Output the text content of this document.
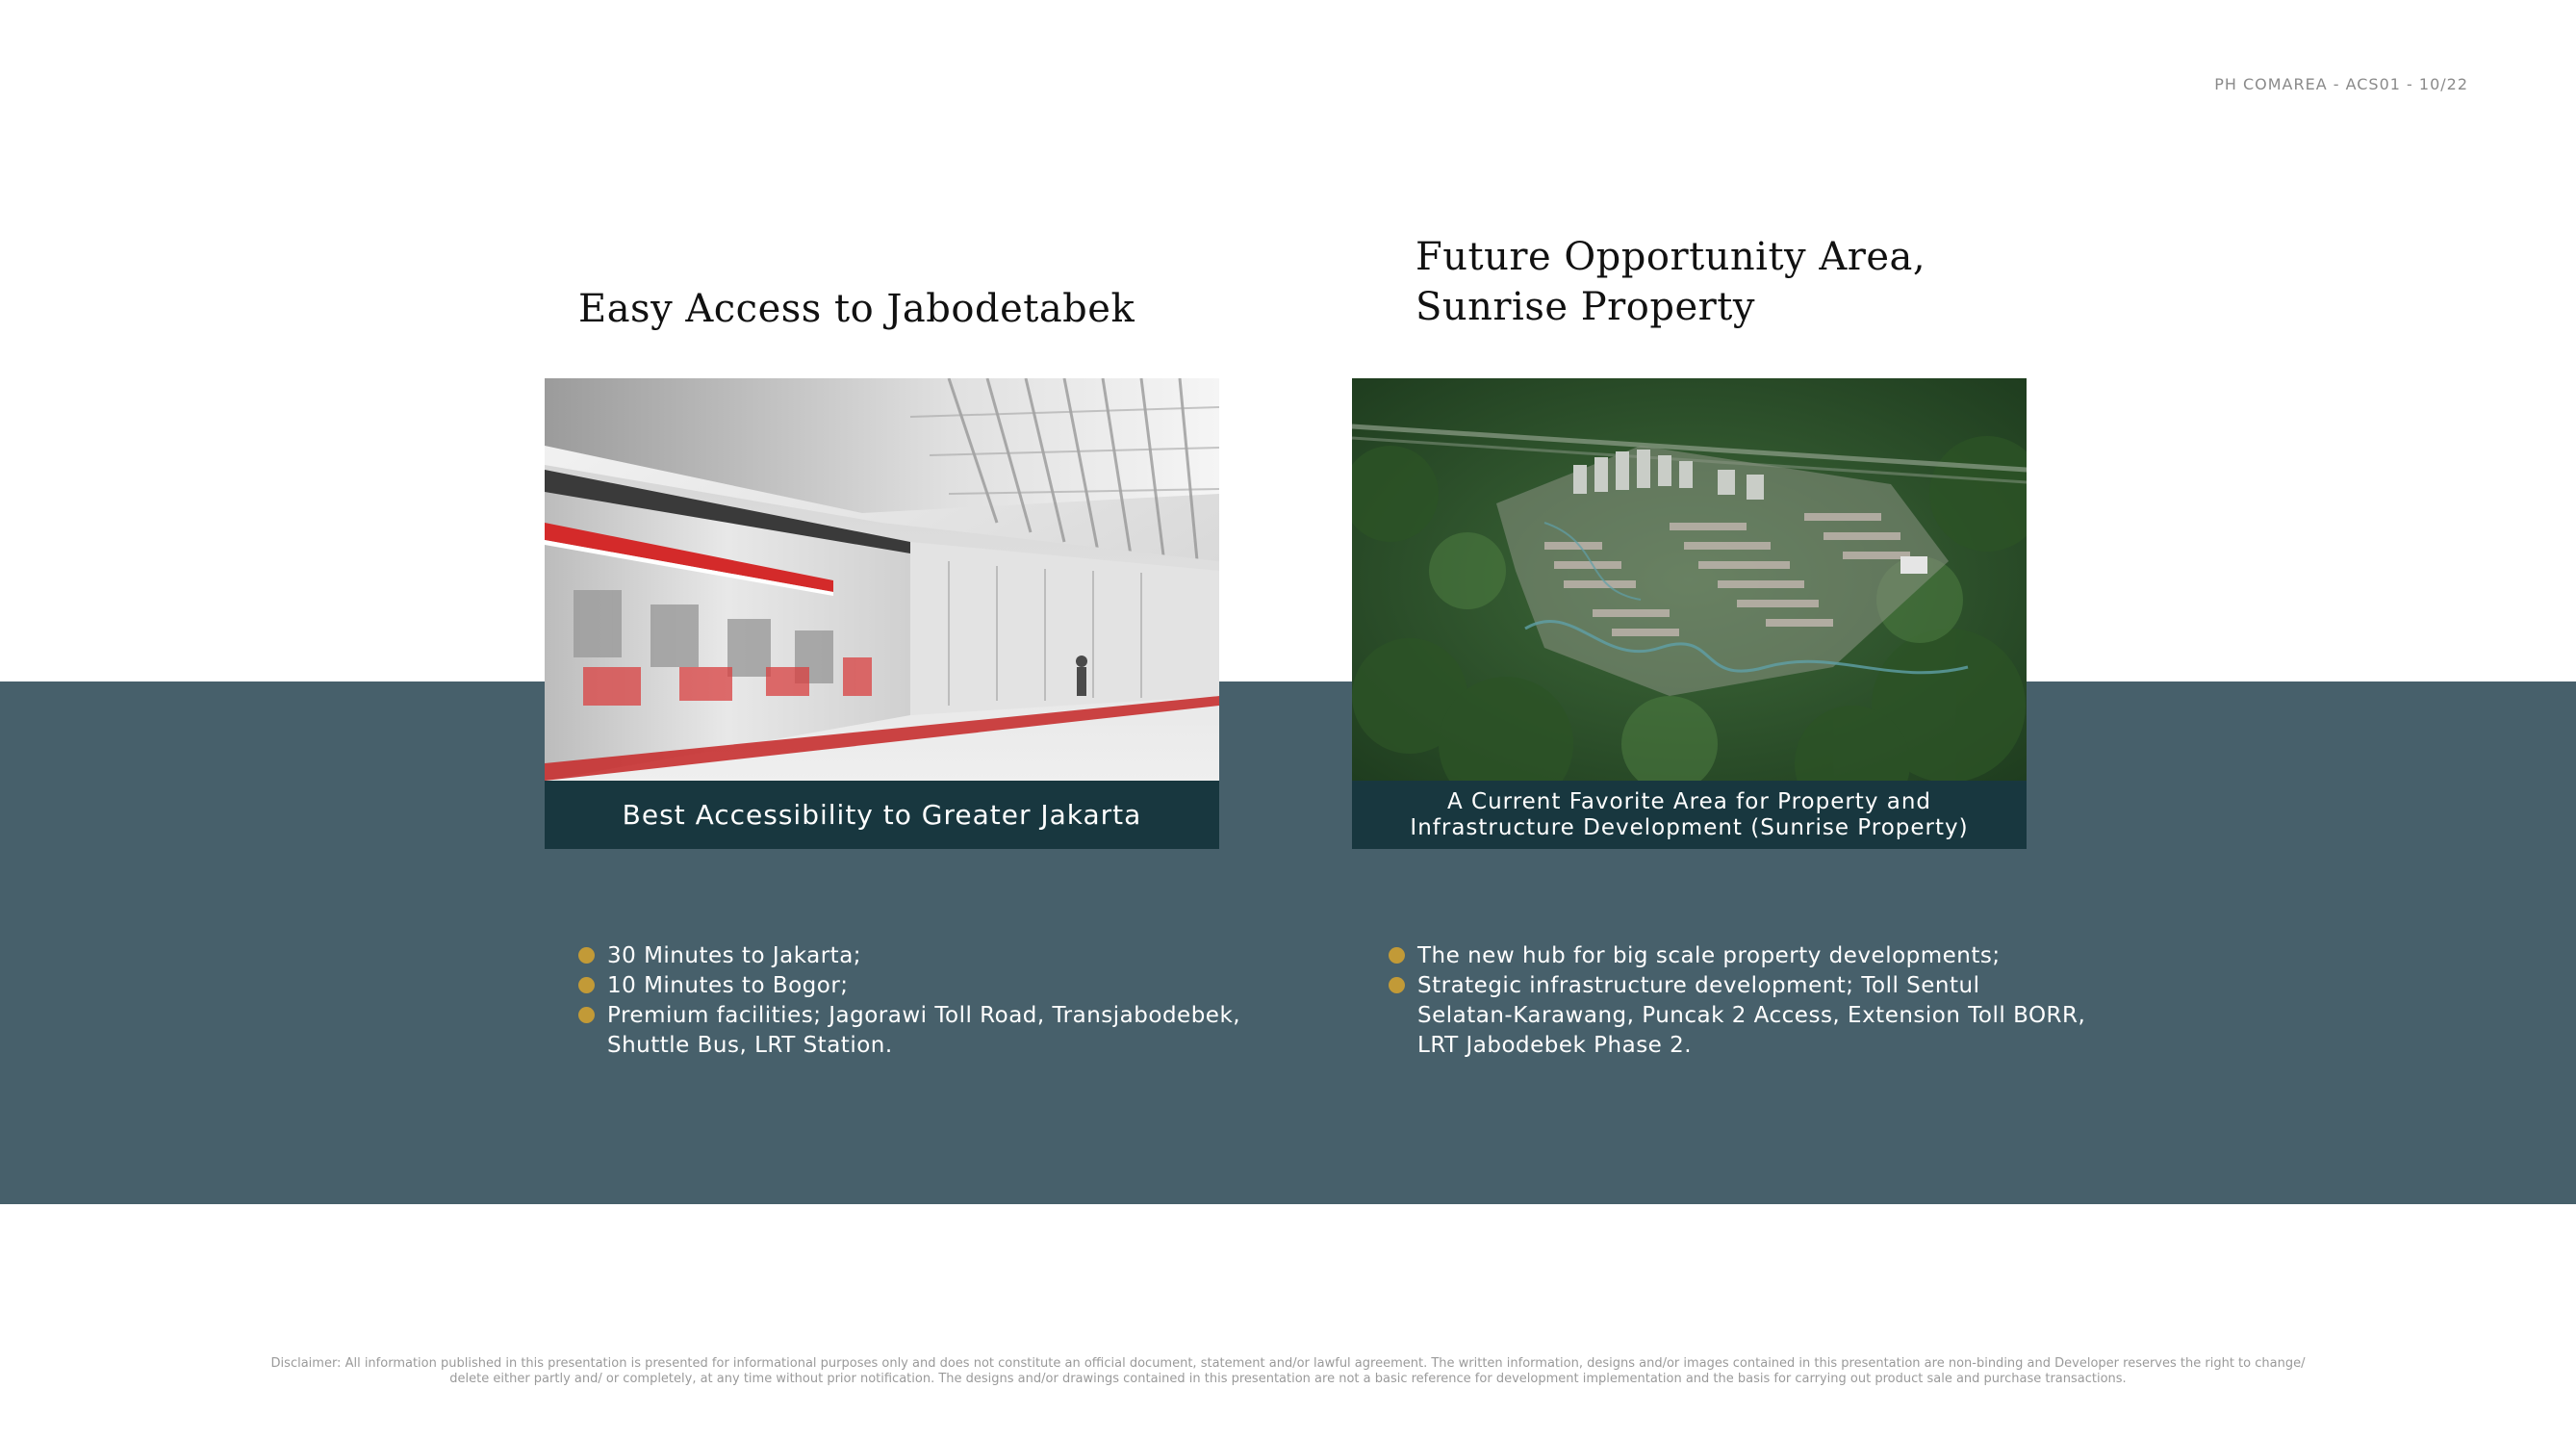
PH COMAREA - ACS01 - 10/22
Easy Access to Jabodetabek
Future Opportunity Area,
Sunrise Property
Best Accessibility to Greater Jakarta	A Current Favorite Area for Property and
Infrastructure Development (Sunrise Property)
30 Minutes to Jakarta;
10 Minutes to Bogor;
Premium facilities; Jagorawi Toll Road, Transjabodebek,
Shuttle Bus, LRT Station.
The new hub for big scale property developments;
Strategic infrastructure development; Toll Sentul
Selatan-Karawang, Puncak 2 Access, Extension Toll BORR,
LRT Jabodebek Phase 2.
Disclaimer: All information published in this presentation is presented for informational purposes only and does not constitute an official document, statement and/or lawful agreement. The written information, designs and/or images contained in this presentation are non-binding and Developer reserves the right to change/
delete either partly and/ or completely, at any time without prior notification. The designs and/or drawings contained in this presentation are not a basic reference for development implementation and the basis for carrying out product sale and purchase transactions.
